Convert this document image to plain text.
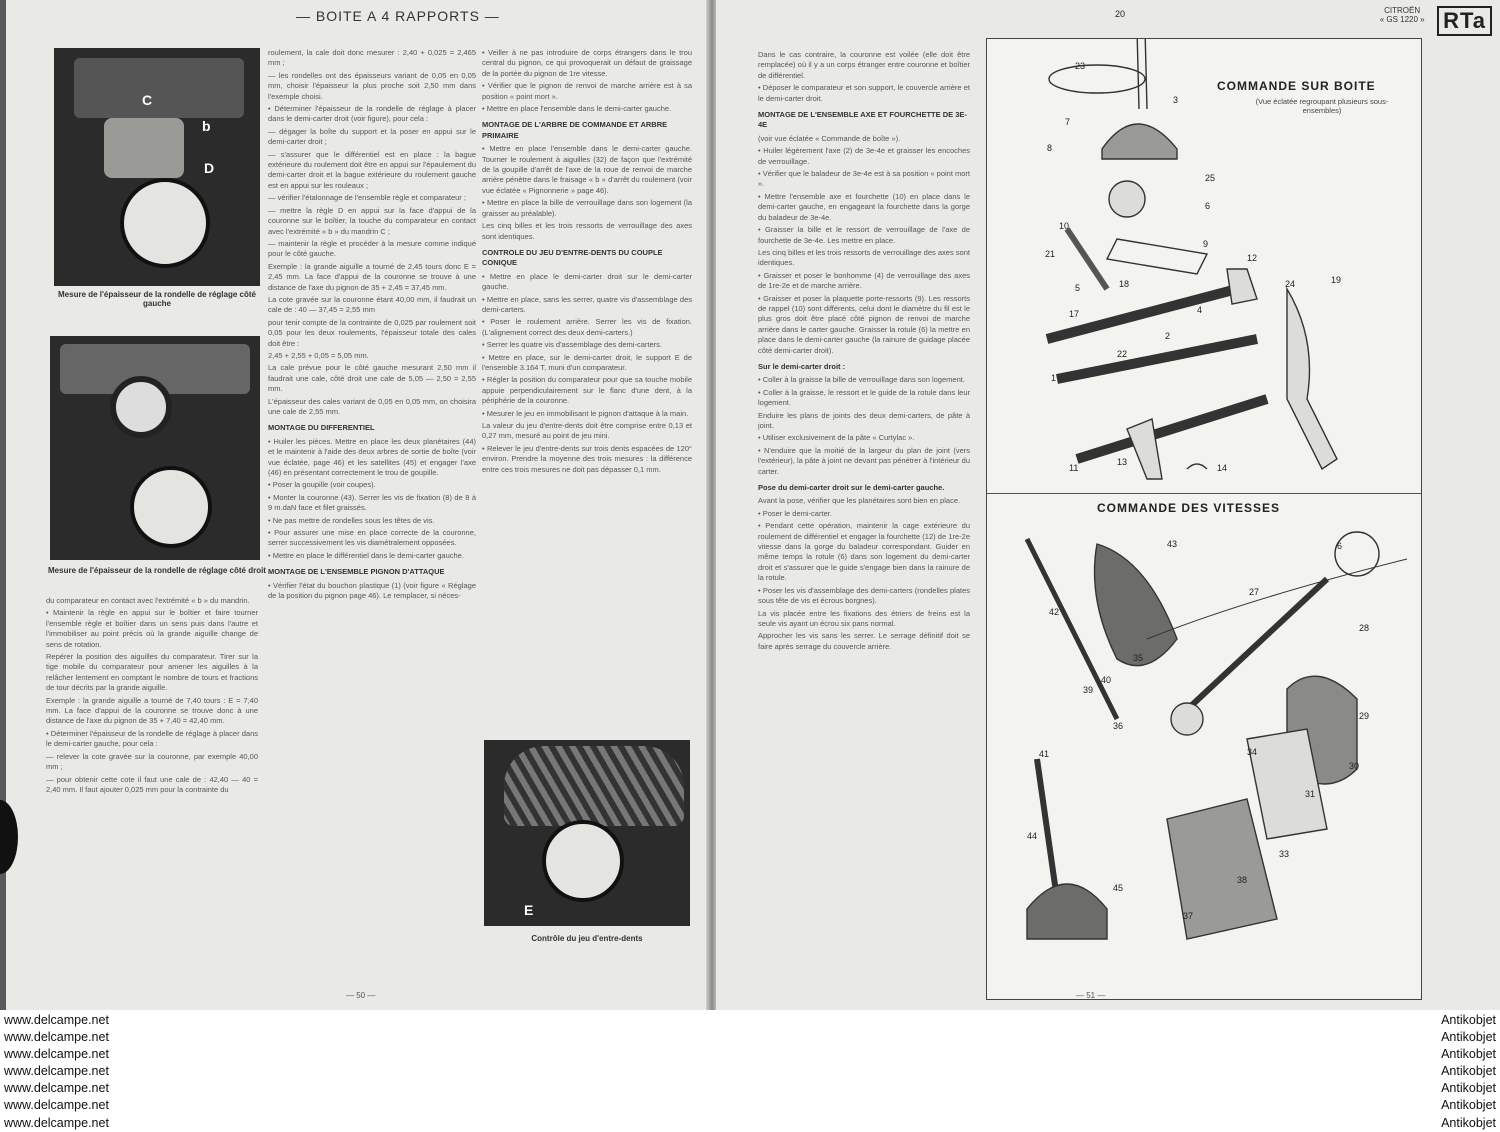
— BOITE A 4 RAPPORTS —
C
b
D
Mesure de l'épaisseur de la rondelle de réglage côté gauche
Mesure de l'épaisseur de la rondelle de réglage côté droit

du comparateur en contact avec l'extrémité « b » du mandrin.

• Maintenir la règle en appui sur le boîtier et faire tourner l'ensemble règle et boîtier dans un sens puis dans l'autre et l'immobiliser au point précis où la grande aiguille change de sens de rotation.

Repérer la position des aiguilles du comparateur. Tirer sur la tige mobile du comparateur pour amener les aiguilles à la relâcher lentement en comptant le nombre de tours et fractions de tour décrits par la grande aiguille.

Exemple : la grande aiguille a tourné de 7,40 tours : E = 7,40 mm. La face d'appui de la couronne se trouve donc à une distance de l'axe du pignon de 35 + 7,40 = 42,40 mm.

• Déterminer l'épaisseur de la rondelle de réglage à placer dans le demi-carter gauche, pour cela :

— relever la cote gravée sur la couronne, par exemple 40,00 mm ;

— pour obtenir cette cote il faut une cale de : 42,40 — 40 = 2,40 mm. Il faut ajouter 0,025 mm pour la contrainte du

roulement, la cale doit donc mesurer : 2,40 + 0,025 = 2,465 mm ;

— les rondelles ont des épaisseurs variant de 0,05 en 0,05 mm, choisir l'épaisseur la plus proche soit 2,50 mm dans l'exemple choisi.

• Déterminer l'épaisseur de la rondelle de réglage à placer dans le demi-carter droit (voir figure), pour cela :

— dégager la boîte du support et la poser en appui sur le demi-carter droit ;

— s'assurer que le différentiel est en place : la bague extérieure du roulement doit être en appui sur l'épaulement du demi-carter droit et la bague extérieure du roulement gauche est en appui sur les rouleaux ;

— vérifier l'étalonnage de l'ensemble règle et comparateur ;

— mettre la règle D en appui sur la face d'appui de la couronne sur le boîtier, la touche du comparateur en contact avec l'extrémité « b » du mandrin C ;

— maintenir la règle et procéder à la mesure comme indiqué pour le côté gauche.

Exemple : la grande aiguille a tourné de 2,45 tours donc E = 2,45 mm. La face d'appui de la couronne se trouve à une distance de l'axe du pignon de 35 + 2,45 = 37,45 mm.

La cote gravée sur la couronne étant 40,00 mm, il faudrait un cale de : 40 — 37,45 = 2,55 mm

pour tenir compte de la contrainte de 0,025 par roulement soit 0,05 pour les deux roulements, l'épaisseur totale des cales doit être :

2,45 + 2,55 + 0,05 = 5,05 mm.

La cale prévue pour le côté gauche mesurant 2,50 mm il faudrait une cale, côté droit une cale de 5,05 — 2,50 = 2,55 mm.

L'épaisseur des cales variant de 0,05 en 0,05 mm, on choisira une cale de 2,55 mm.

MONTAGE DU DIFFERENTIEL

• Huiler les pièces. Mettre en place les deux planétaires (44) et le maintenir à l'aide des deux arbres de sortie de boîte (voir vue éclatée, page 46) et les satellites (45) et engager l'axe (46) en présentant correctement le trou de goupille.

• Poser la goupille (voir coupes).

• Monter la couronne (43). Serrer les vis de fixation (8) de 8 à 9 m.daN face et filet graissés.

• Ne pas mettre de rondelles sous les têtes de vis.

• Pour assurer une mise en place correcte de la couronne, serrer successivement les vis diamétralement opposées.

• Mettre en place le différentiel dans le demi-carter gauche.

MONTAGE DE L'ENSEMBLE PIGNON D'ATTAQUE

• Vérifier l'état du bouchon plastique (1) (voir figure « Réglage de la position du pignon page 46). Le remplacer, si néces-

• Veiller à ne pas introduire de corps étrangers dans le trou central du pignon, ce qui provoquerait un défaut de graissage de la portée du pignon de 1re vitesse.

• Vérifier que le pignon de renvoi de marche arrière est à sa position « point mort ».

• Mettre en place l'ensemble dans le demi-carter gauche.

MONTAGE DE L'ARBRE DE COMMANDE ET ARBRE PRIMAIRE

• Mettre en place l'ensemble dans le demi-carter gauche. Tourner le roulement à aiguilles (32) de façon que l'extrémité de la goupille d'arrêt de l'axe de la roue de renvoi de marche arrière pénètre dans le fraisage « b » d'arrêt du roulement (voir vue éclatée « Pignonnerie » page 46).

• Mettre en place la bille de verrouillage dans son logement (la graisser au préalable).

Les cinq billes et les trois ressorts de verrouillage des axes sont identiques.

CONTROLE DU JEU D'ENTRE-DENTS DU COUPLE CONIQUE

• Mettre en place le demi-carter droit sur le demi-carter gauche.

• Mettre en place, sans les serrer, quatre vis d'assemblage des demi-carters.

• Poser le roulement arrière. Serrer les vis de fixation. (L'alignement correct des deux demi-carters.)

• Serrer les quatre vis d'assemblage des demi-carters.

• Mettre en place, sur le demi-carter droit, le support E de l'ensemble 3.164 T, muni d'un comparateur.

• Régler la position du comparateur pour que sa touche mobile appuie perpendiculairement sur le flanc d'une dent, à la périphérie de la couronne.

• Mesurer le jeu en immobilisant le pignon d'attaque à la main.

La valeur du jeu d'entre-dents doit être comprise entre 0,13 et 0,27 mm, mesuré au point de jeu mini.

• Relever le jeu d'entre-dents sur trois dents espacées de 120° environ. Prendre la moyenne des trois mesures : la différence entre ces trois mesures ne doit pas dépasser 0,1 mm.

E
Contrôle du jeu d'entre-dents
— 50 —
CITROËN
« GS 1220 » RTa

Dans le cas contraire, la couronne est voilée (elle doit être remplacée) où il y a un corps étranger entre couronne et boîtier de différentiel.

• Déposer le comparateur et son support, le couvercle arrière et le demi-carter droit.

MONTAGE DE L'ENSEMBLE AXE ET FOURCHETTE DE 3E-4E

(voir vue éclatée « Commande de boîte »).

• Huiler légèrement l'axe (2) de 3e-4e et graisser les encoches de verrouillage.

• Vérifier que le baladeur de 3e-4e est à sa position « point mort ».

• Mettre l'ensemble axe et fourchette (10) en place dans le demi-carter gauche, en engageant la fourchette dans la gorge du baladeur de 3e-4e.

• Graisser la bille et le ressort de verrouillage de l'axe de fourchette de 3e-4e. Les mettre en place.

Les cinq billes et les trois ressorts de verrouillage des axes sont identiques.

• Graisser et poser le bonhomme (4) de verrouillage des axes de 1re-2e et de marche arrière.

• Graisser et poser la plaquette porte-ressorts (9). Les ressorts de rappel (10) sont différents, celui dont le diamètre du fil est le plus gros doit être placé côté pignon de renvoi de marche arrière dans le carter gauche. Graisser la rotule (6) la mettre en place dans le demi-carter gauche (la rainure de guidage placée côté demi-carter droit).

Sur le demi-carter droit :

• Coller à la graisse la bille de verrouillage dans son logement.

• Coller à la graisse, le ressort et le guide de la rotule dans leur logement.

Enduire les plans de joints des deux demi-carters, de pâte à joint.

• Utiliser exclusivement de la pâte « Curtylac ».

• N'enduire que la moitié de la largeur du plan de joint (vers l'extérieur), la pâte à joint ne devant pas pénétrer à l'intérieur du carter.

Pose du demi-carter droit sur le demi-carter gauche.

Avant la pose, vérifier que les planétaires sont bien en place.

• Poser le demi-carter.

• Pendant cette opération, maintenir la cage extérieure du roulement de différentiel et engager la fourchette (12) de 1re-2e vitesse dans la gorge du baladeur correspondant. Guider en même temps la rotule (6) dans son logement du demi-carter droit et s'assurer que le guide s'engage bien dans la rainure de la rotule.

• Poser les vis d'assemblage des demi-carters (rondelles plates sous tête de vis et écrous borgnes).

La vis placée entre les fixations des étriers de freins est la seule vis ayant un écrou six pans normal.

Approcher les vis sans les serrer. Le serrage définitif doit se faire après serrage du couvercle arrière.

COMMANDE SUR BOITE
(Vue éclatée regroupant plusieurs sous-ensembles)
COMMANDE DES VITESSES
20
23
3
7
8
25
6
10
9
12
24	19
21
5	18
17	4
22
2
1
11
13
14
43	6
42
27
28
35
39
40
36
29
41	34
30
31
33
44
45
38
37
— 51 —
www.delcampe.net
www.delcampe.net
www.delcampe.net
www.delcampe.net
www.delcampe.net
www.delcampe.net
www.delcampe.net
Antikobjet
Antikobjet
Antikobjet
Antikobjet
Antikobjet
Antikobjet
Antikobjet
